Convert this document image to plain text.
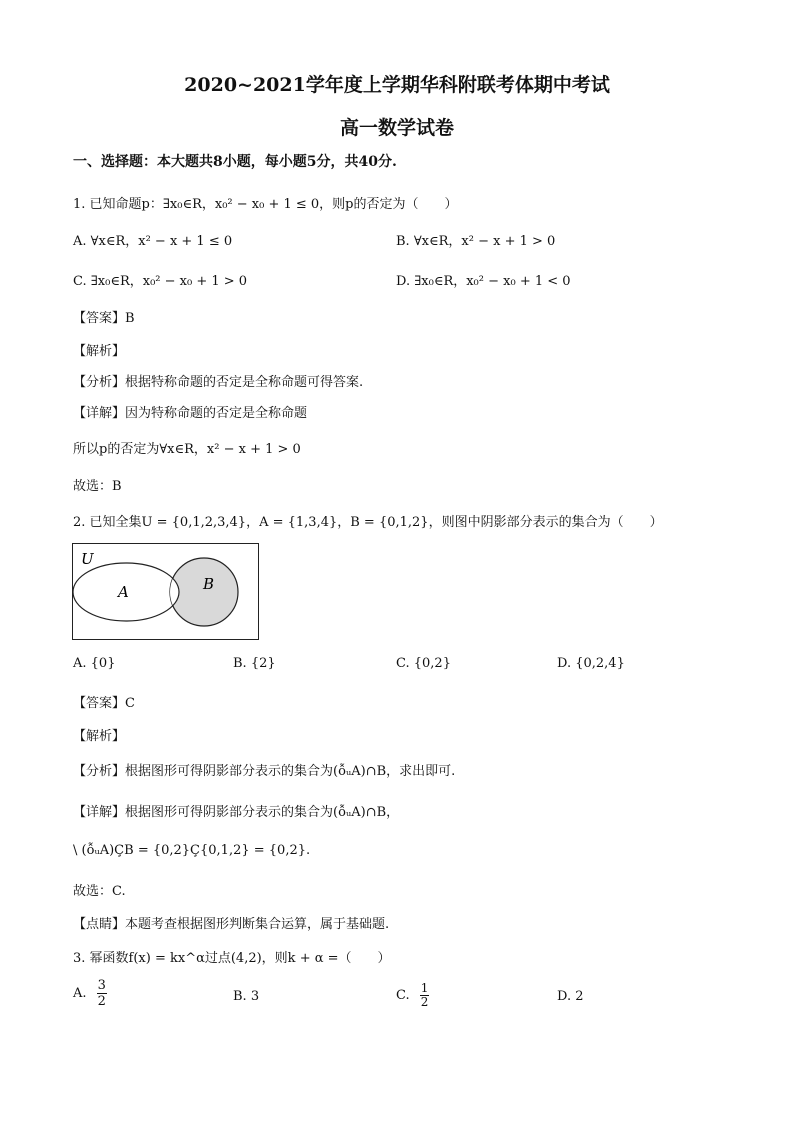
2020~2021学年度上学期华科附联考体期中考试
高一数学试卷
一、选择题：本大题共8小题，每小题5分，共40分.
1. 已知命题p：∃x₀∈R，x₀² − x₀ + 1 ≤ 0，则p的否定为（　　）
A. ∀x∈R，x² − x + 1 ≤ 0	B. ∀x∈R，x² − x + 1 > 0
C. ∃x₀∈R，x₀² − x₀ + 1 > 0	D. ∃x₀∈R，x₀² − x₀ + 1 < 0
【答案】B
【解析】
【分析】根据特称命题的否定是全称命题可得答案.
【详解】因为特称命题的否定是全称命题
所以p的否定为∀x∈R，x² − x + 1 > 0
故选：B
2. 已知全集U = {0,1,2,3,4}，A = {1,3,4}，B = {0,1,2}，则图中阴影部分表示的集合为（　　）
U
A	B
A. {0}	B. {2}	C. {0,2}	D. {0,2,4}
【答案】C
【解析】
【分析】根据图形可得阴影部分表示的集合为(ỗᵤA)∩B，求出即可.
【详解】根据图形可得阴影部分表示的集合为(ỗᵤA)∩B，
\ (ỗᵤA)ÇB = {0,2}Ç{0,1,2} = {0,2}.
故选：C.
【点睛】本题考查根据图形判断集合运算，属于基础题.
3. 幂函数f(x) = kx^α过点(4,2)，则k + α =（　　）
A. $\frac{3}{2}$	B. 3	C. $\frac{1}{2}$	D. 2
